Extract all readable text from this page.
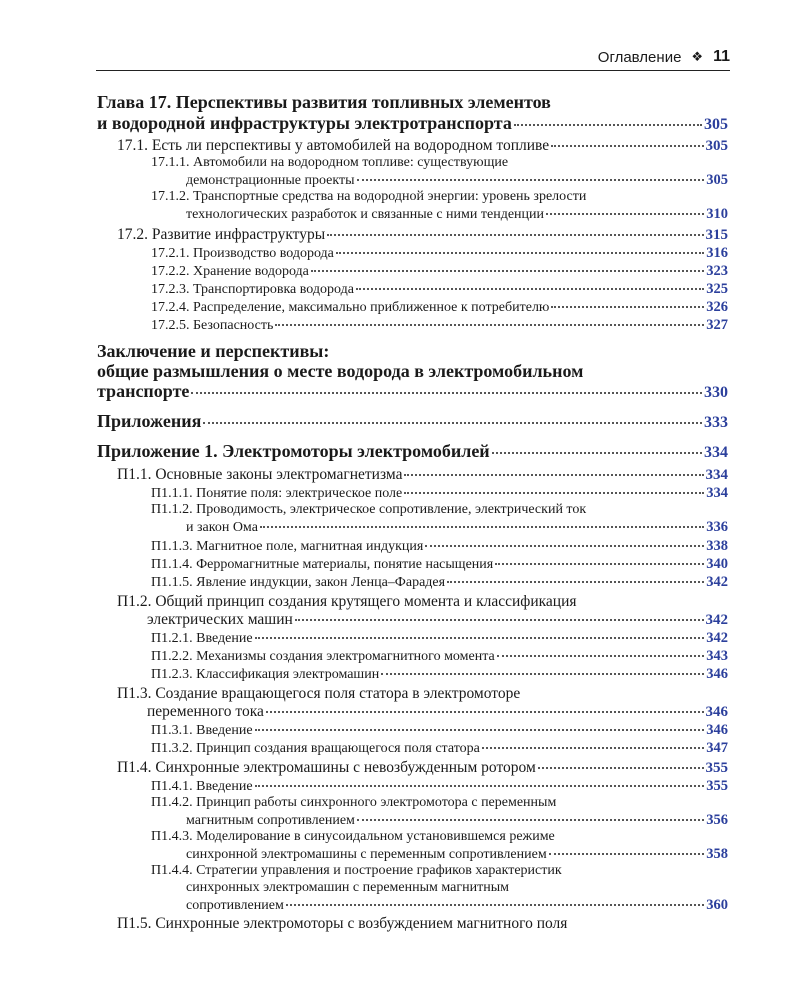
Оглавление ❖ 11
Глава 17. Перспективы развития топливных элементов
и водородной инфраструктуры электротранспорта	305
17.1. Есть ли перспективы у автомобилей на водородном топливе	305
17.1.1. Автомобили на водородном топливе: существующие
демонстрационные проекты	305
17.1.2. Транспортные средства на водородной энергии: уровень зрелости
технологических разработок и связанные с ними тенденции	310
17.2. Развитие инфраструктуры	315
17.2.1. Производство водорода	316
17.2.2. Хранение водорода	323
17.2.3. Транспортировка водорода	325
17.2.4. Распределение, максимально приближенное к потребителю	326
17.2.5. Безопасность	327
Заключение и перспективы:
общие размышления о месте водорода в электромобильном
транспорте	330
Приложения	333
Приложение 1. Электромоторы электромобилей	334
П1.1. Основные законы электромагнетизма	334
П1.1.1. Понятие поля: электрическое поле	334
П1.1.2. Проводимость, электрическое сопротивление, электрический ток
и закон Ома	336
П1.1.3. Магнитное поле, магнитная индукция	338
П1.1.4. Ферромагнитные материалы, понятие насыщения	340
П1.1.5. Явление индукции, закон Ленца–Фарадея	342
П1.2. Общий принцип создания крутящего момента и классификация
электрических машин	342
П1.2.1. Введение	342
П1.2.2. Механизмы создания электромагнитного момента	343
П1.2.3. Классификация электромашин	346
П1.3. Создание вращающегося поля статора в электромоторе
переменного тока	346
П1.3.1. Введение	346
П1.3.2. Принцип создания вращающегося поля статора	347
П1.4. Синхронные электромашины с невозбужденным ротором	355
П1.4.1. Введение	355
П1.4.2. Принцип работы синхронного электромотора с переменным
магнитным сопротивлением	356
П1.4.3. Моделирование в синусоидальном установившемся режиме
синхронной электромашины с переменным сопротивлением	358
П1.4.4. Стратегии управления и построение графиков характеристик
синхронных электромашин с переменным магнитным
сопротивлением	360
П1.5. Синхронные электромоторы с возбуждением магнитного поля
